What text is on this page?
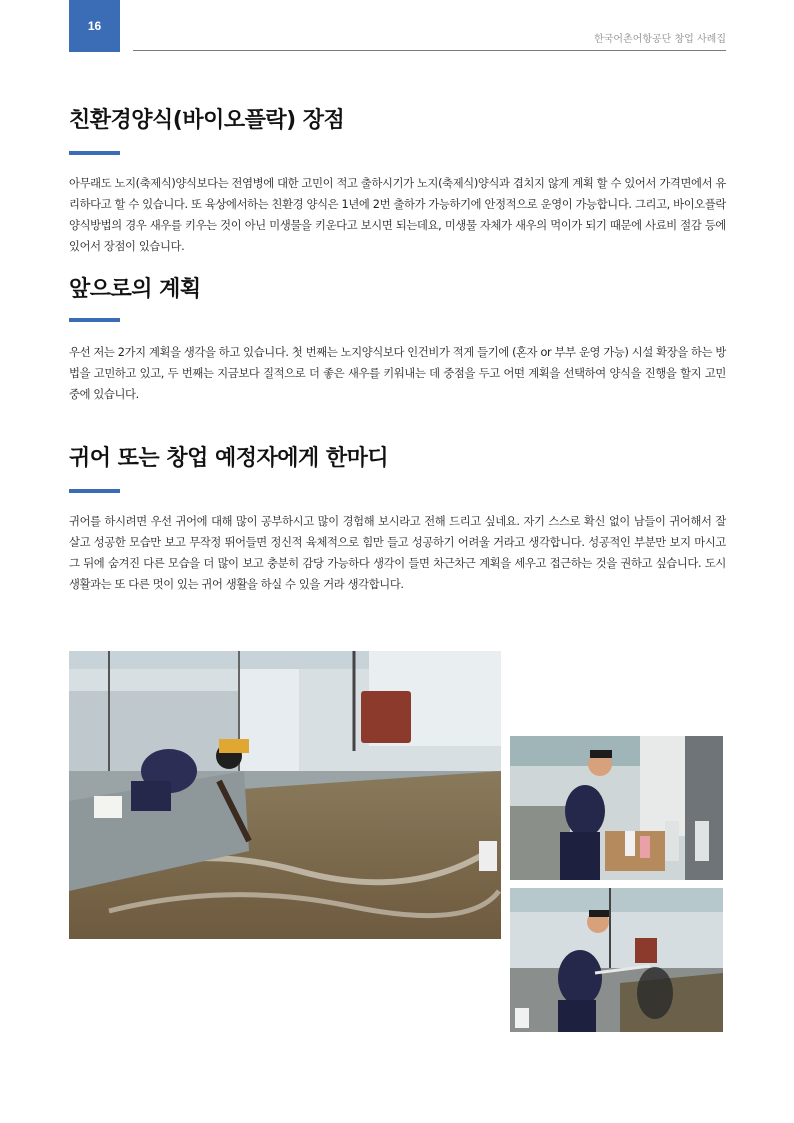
16
한국어촌어항공단 창업 사례집
친환경양식(바이오플락) 장점

아무래도 노지(축제식)양식보다는 전염병에 대한 고민이 적고 출하시기가 노지(축제식)양식과 겹치지 않게 계획 할 수 있어서 가격면에서 유리하다고 할 수 있습니다. 또 육상에서하는 친환경 양식은 1년에 2번 출하가 가능하기에 안정적으로 운영이 가능합니다. 그리고, 바이오플락 양식방법의 경우 새우를 키우는 것이 아닌 미생물을 키운다고 보시면 되는데요, 미생물 자체가 새우의 먹이가 되기 때문에 사료비 절감 등에 있어서 장점이 있습니다.

앞으로의 계획

우선 저는 2가지 계획을 생각을 하고 있습니다. 첫 번째는 노지양식보다 인건비가 적게 들기에 (혼자 or 부부 운영 가능) 시설 확장을 하는 방법을 고민하고 있고, 두 번째는 지금보다 질적으로 더 좋은 새우를 키워내는 데 중점을 두고 어떤 계획을 선택하여 양식을 진행을 할지 고민 중에 있습니다.

귀어 또는 창업 예정자에게 한마디

귀어를 하시려면 우선 귀어에 대해 많이 공부하시고 많이 경험해 보시라고 전해 드리고 싶네요. 자기 스스로 확신 없이 남들이 귀어해서 잘 살고 성공한 모습만 보고 무작정 뛰어들면 정신적 육체적으로 힘만 들고 성공하기 어려울 거라고 생각합니다. 성공적인 부분만 보지 마시고 그 뒤에 숨겨진 다른 모습을 더 많이 보고 충분히 감당 가능하다 생각이 들면 차근차근 계획을 세우고 접근하는 것을 권하고 싶습니다. 도시생활과는 또 다른 멋이 있는 귀어 생활을 하실 수 있을 거라 생각합니다.
